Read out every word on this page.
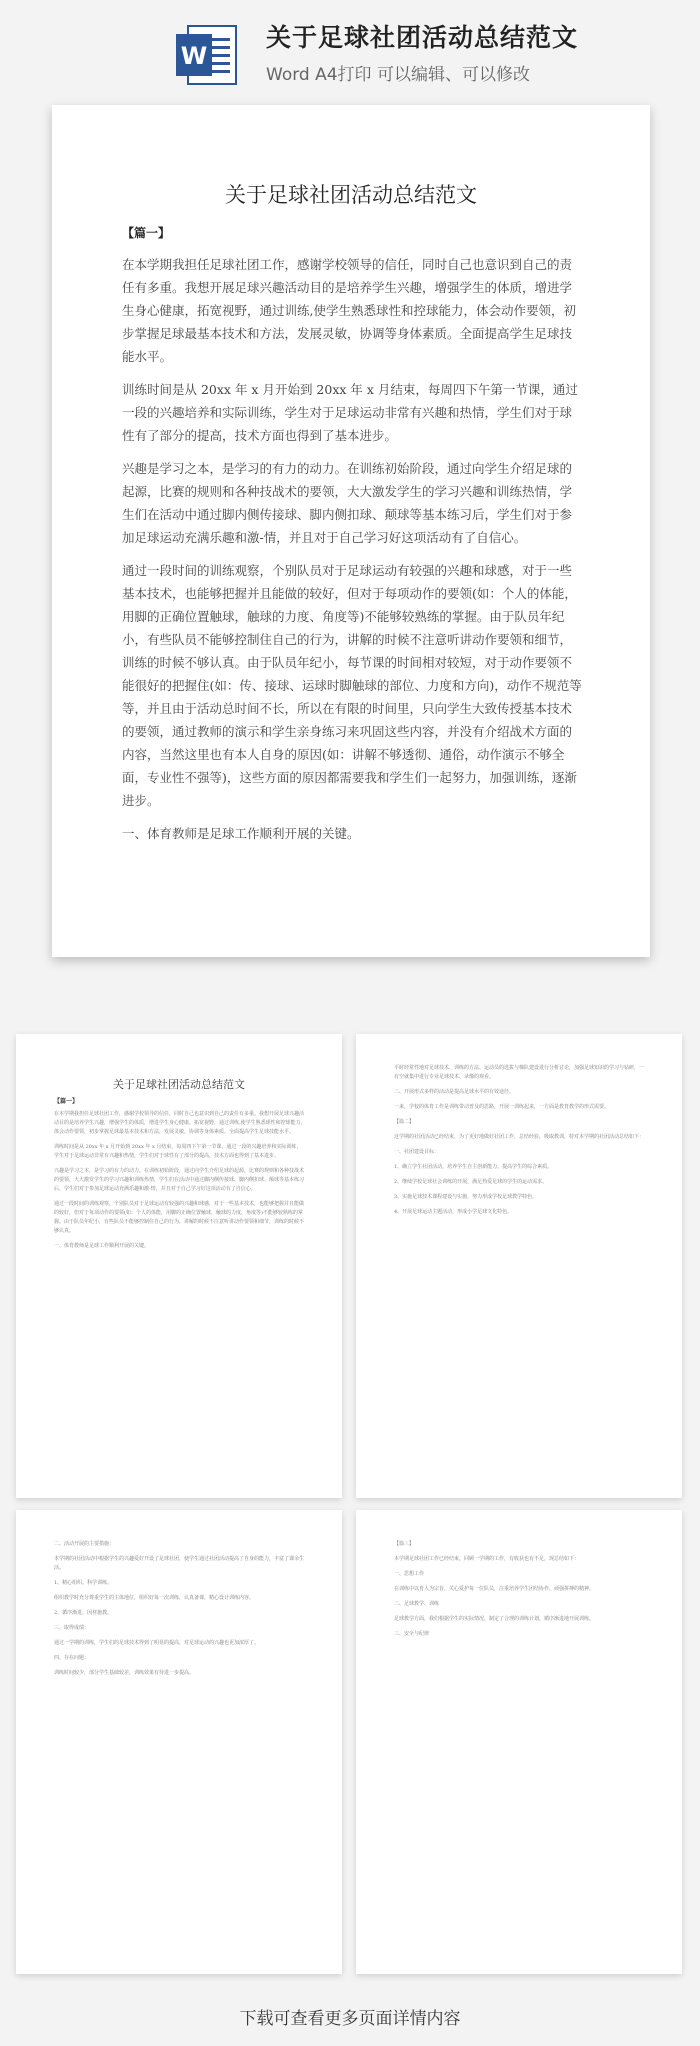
W
关于足球社团活动总结范文
Word A4打印 可以编辑、可以修改
关于足球社团活动总结范文
【篇一】

在本学期我担任足球社团工作，感谢学校领导的信任，同时自己也意识到自己的责任有多重。我想开展足球兴趣活动目的是培养学生兴趣，增强学生的体质，增进学生身心健康，拓宽视野，通过训练,使学生熟悉球性和控球能力，体会动作要领，初步掌握足球最基本技术和方法，发展灵敏，协调等身体素质。全面提高学生足球技能水平。

训练时间是从 20xx 年 x 月开始到 20xx 年 x 月结束，每周四下午第一节课，通过一段的兴趣培养和实际训练，学生对于足球运动非常有兴趣和热情，学生们对于球性有了部分的提高，技术方面也得到了基本进步。

兴趣是学习之本，是学习的有力的动力。在训练初始阶段，通过向学生介绍足球的起源，比赛的规则和各种技战术的要领，大大激发学生的学习兴趣和训练热情，学生们在活动中通过脚内侧传接球、脚内侧扣球、颠球等基本练习后，学生们对于参加足球运动充满乐趣和激-情，并且对于自己学习好这项活动有了自信心。

通过一段时间的训练观察，个别队员对于足球运动有较强的兴趣和球感，对于一些基本技术，也能够把握并且能做的较好，但对于每项动作的要领(如：个人的体能，用脚的正确位置触球，触球的力度、角度等)不能够较熟练的掌握。由于队员年纪小，有些队员不能够控制住自己的行为，讲解的时候不注意听讲动作要领和细节，训练的时候不够认真。由于队员年纪小，每节课的时间相对较短，对于动作要领不能很好的把握住(如：传、接球、运球时脚触球的部位、力度和方向)，动作不规范等等，并且由于活动总时间不长，所以在有限的时间里，只向学生大致传授基本技术的要领，通过教师的演示和学生亲身练习来巩固这些内容，并没有介绍战术方面的内容，当然这里也有本人自身的原因(如：讲解不够透彻、通俗，动作演示不够全面，专业性不强等)，这些方面的原因都需要我和学生们一起努力，加强训练，逐渐进步。

一、体育教师是足球工作顺利开展的关键。

关于足球社团活动总结范文
【篇一】

在本学期我担任足球社团工作，感谢学校领导的信任，同时自己也意识到自己的责任有多重。我想开展足球兴趣活动目的是培养学生兴趣，增强学生的体质，增进学生身心健康，拓宽视野，通过训练,使学生熟悉球性和控球能力，体会动作要领，初步掌握足球最基本技术和方法，发展灵敏，协调等身体素质。全面提高学生足球技能水平。

训练时间是从 20xx 年 x 月开始到 20xx 年 x 月结束，每周四下午第一节课，通过一段的兴趣培养和实际训练，学生对于足球运动非常有兴趣和热情，学生们对于球性有了部分的提高，技术方面也得到了基本进步。

兴趣是学习之本，是学习的有力的动力。在训练初始阶段，通过向学生介绍足球的起源，比赛的规则和各种技战术的要领，大大激发学生的学习兴趣和训练热情，学生们在活动中通过脚内侧传接球、脚内侧扣球、颠球等基本练习后，学生们对于参加足球运动充满乐趣和激-情，并且对于自己学习好这项活动有了自信心。

通过一段时间的训练观察，个别队员对于足球运动有较强的兴趣和球感，对于一些基本技术，也能够把握并且能做的较好，但对于每项动作的要领(如：个人的体能，用脚的正确位置触球，触球的力度、角度等)不能够较熟练的掌握。由于队员年纪小，有些队员不能够控制住自己的行为，讲解的时候不注意听讲动作要领和细节，训练的时候不够认真。

一、体育教师是足球工作顺利开展的关键。

平时经常性地对足球技术、训练的方法、运动员的选拔与梯队建设进行分析讨论，加强足球知识的学习与钻研，一有空就集中进行专业足球技术、录像的观看。

二、开展形式多样的活动是提高足球水平的有效途径。

一来，学校的体育工作是训练带动普及的思路，开展一训练起来，一方面是教育教学的形式需要。

【篇二】

这学期的社团活动已经结束，为了更好地做好社团工作，总结经验，吸取教训，特对本学期的社团活动总结如下：

一、社团建设目标：

1、确立学生社团活动，培养学生自主创新能力，提高学生的综合素质。

2、继续学校足球社会训练的开展，满足热爱足球的学生的运动需求。

3、实施足球技术课程建设与实施，努力形成学校足球教学特色。

4、开展足球运动主题活动，形成小学足球文化特色。

二、活动开展的主要措施：

本学期的社团活动中根据学生的兴趣爱好开设了足球社团，使学生通过社团活动提高了自身的能力，丰富了课余生活。

1、精心组织、科学训练。

组织教学时充分尊重学生的主体地位，组织好每一次训练，认真备课，精心设计训练内容。

2、循序渐进、因材施教。

三、取得成绩：

通过一学期的训练，学生们的足球技术得到了明显的提高，对足球运动的兴趣也更加浓厚了。

四、存在问题：

训练时间较少，部分学生基础较差，训练效果有待进一步提高。

【篇三】

本学期足球社团工作已经结束，回顾一学期的工作，有收获也有不足，现总结如下：

一、思想工作

在训练中以育人为宗旨，关心爱护每一位队员，注重培养学生团结协作、顽强拼搏的精神。

二、足球教学、训练

足球教学方面，我们根据学生的实际情况，制定了合理的训练计划，循序渐进地开展训练。

三、安全与纪律

下载可查看更多页面详情内容
